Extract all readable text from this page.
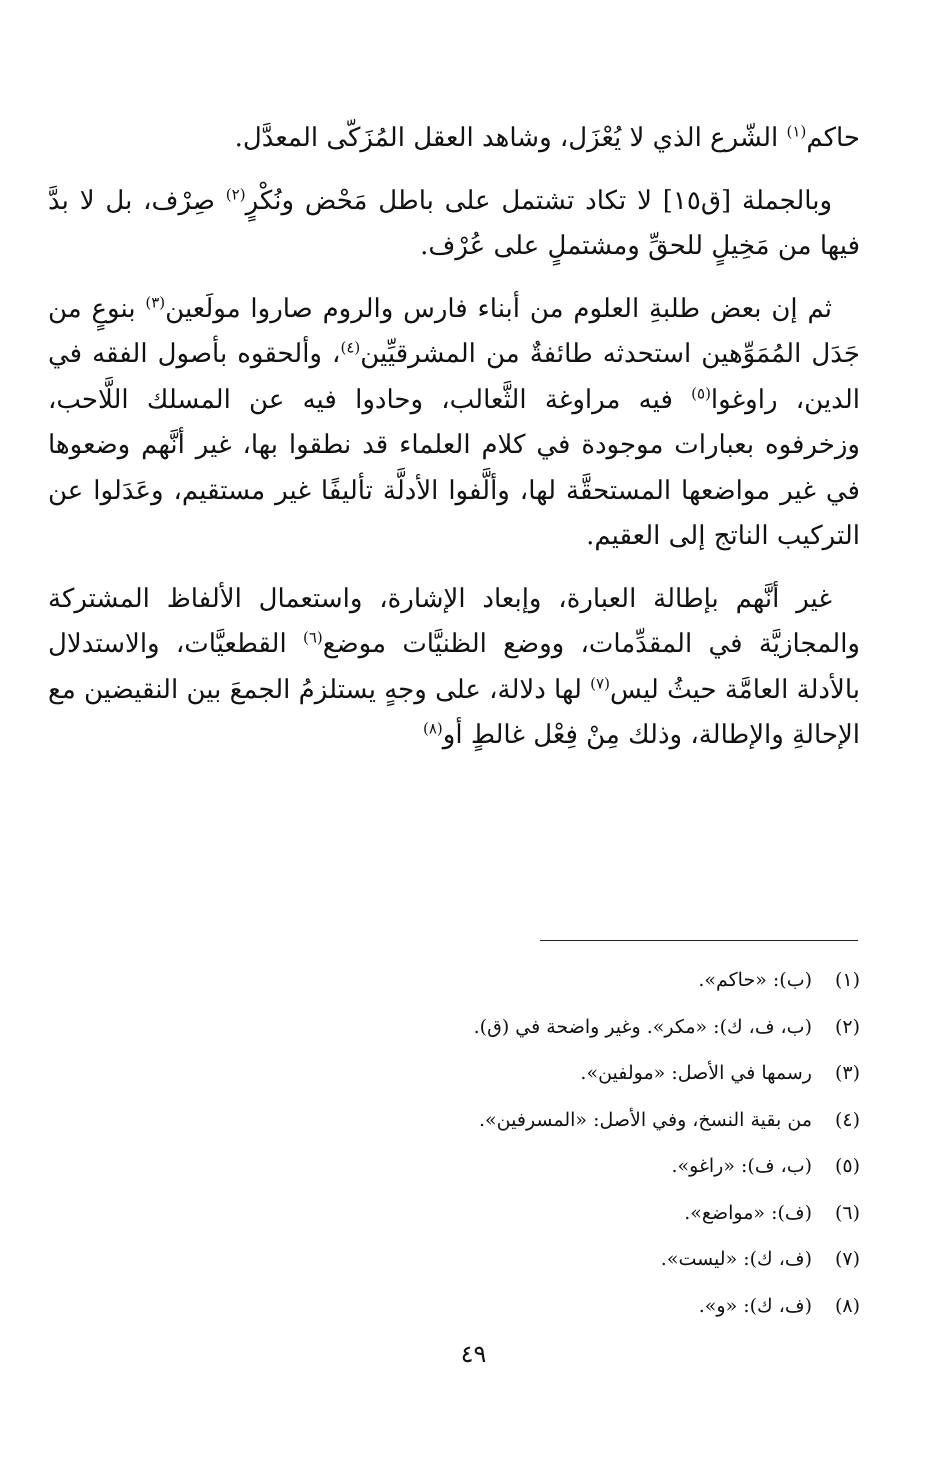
حاكم$^{(١)}$ الشّرع الذي لا يُعْزَل، وشاهد العقل المُزَكّى المعدَّل.

وبالجملة [ق١٥] لا تكاد تشتمل على باطل مَحْض ونُكْرٍ$^{(٢)}$ صِرْف، بل لا بدَّ فيها من مَخِيلٍ للحقِّ ومشتملٍ على عُرْف.

ثم إن بعض طلبةِ العلوم من أبناء فارس والروم صاروا مولَعين$^{(٣)}$ بنوعٍ من جَدَل المُمَوِّهين استحدثه طائفةٌ من المشرقيِّين$^{(٤)}$، وألحقوه بأصول الفقه في الدين، راوغوا$^{(٥)}$ فيه مراوغة الثَّعالب، وحادوا فيه عن المسلك اللَّاحب، وزخرفوه بعبارات موجودة في كلام العلماء قد نطقوا بها، غير أنَّهم وضعوها في غير مواضعها المستحقَّة لها، وألَّفوا الأدلَّة تأليفًا غير مستقيم، وعَدَلوا عن التركيب الناتج إلى العقيم.

غير أنَّهم بإطالة العبارة، وإبعاد الإشارة، واستعمال الألفاظ المشتركة والمجازيَّة في المقدِّمات، ووضع الظنيَّات موضع$^{(٦)}$ القطعيَّات، والاستدلال بالأدلة العامَّة حيثُ ليس$^{(٧)}$ لها دلالة، على وجهٍ يستلزمُ الجمعَ بين النقيضين مع الإحالةِ والإطالة، وذلك مِنْ فِعْل غالطٍ أو$^{(٨)}$

(١)(ب): «حاكم».
(٢)(ب، ف، ك): «مكر». وغير واضحة في (ق).
(٣)رسمها في الأصل: «مولفين».
(٤)من بقية النسخ، وفي الأصل: «المسرفين».
(٥)(ب، ف): «راغو».
(٦)(ف): «مواضع».
(٧)(ف، ك): «ليست».
(٨)(ف، ك): «و».
٤٩
